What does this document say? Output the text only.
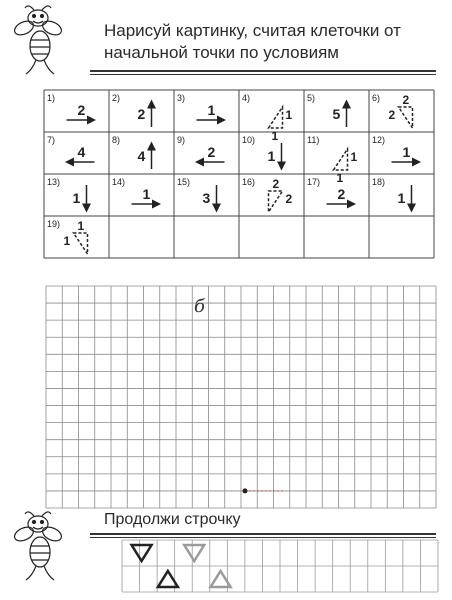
Нарисуй картинку, считая клеточки от
начальной точки по условиям
1)
2
2)
2
3)
1
4)
1
1
5)
5
6) 2
2
7)
4
8)
4
9)
2
10)
1
11)
1
1
12)
1
13)
1
14)
1
15)
3
16) 2
2
17)
2
18)
1
19) 1
1
б
Продолжи строчку
